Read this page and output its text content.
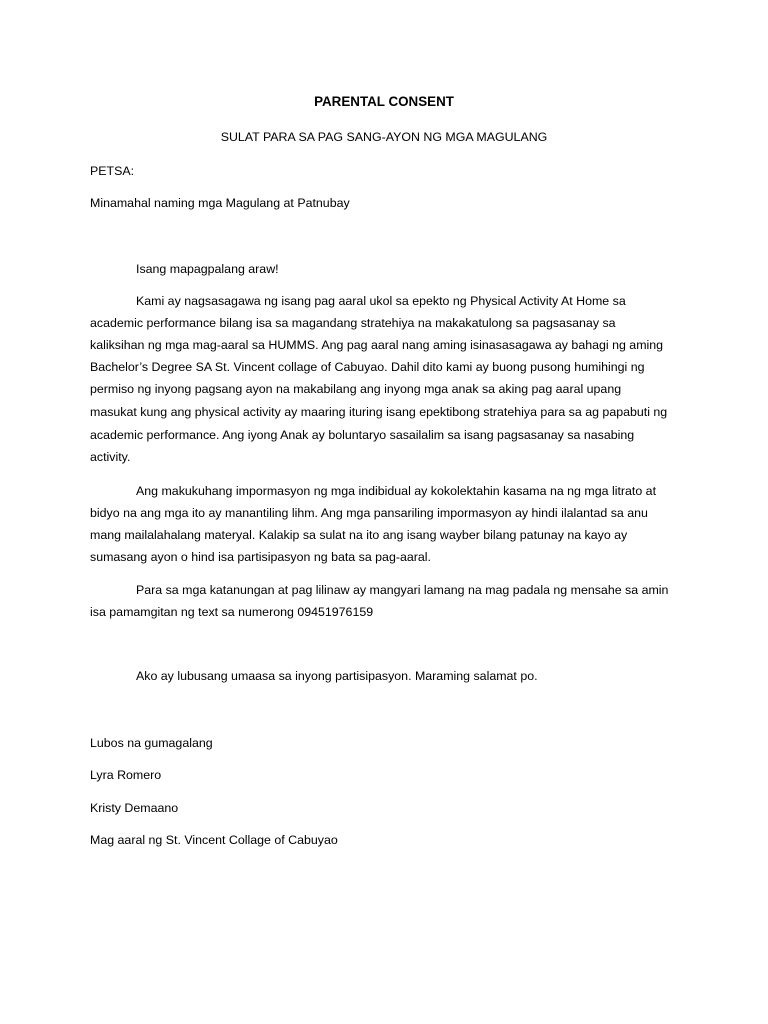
PARENTAL CONSENT
SULAT PARA SA PAG SANG-AYON NG MGA MAGULANG
PETSA:
Minamahal naming mga Magulang at Patnubay
Isang mapagpalang araw!
Kami ay nagsasagawa ng isang pag aaral ukol sa epekto ng Physical Activity At Home sa
academic performance bilang isa sa magandang stratehiya na makakatulong sa pagsasanay sa
kaliksihan ng mga mag-aaral sa HUMMS. Ang pag aaral nang aming isinasasagawa ay bahagi ng aming
Bachelor’s Degree SA St. Vincent collage of Cabuyao. Dahil dito kami ay buong pusong humihingi ng
permiso ng inyong pagsang ayon na makabilang ang inyong mga anak sa aking pag aaral upang
masukat kung ang physical activity ay maaring ituring isang epektibong stratehiya para sa ag papabuti ng
academic performance. Ang iyong Anak ay boluntaryo sasailalim sa isang pagsasanay sa nasabing
activity.
Ang makukuhang impormasyon ng mga indibidual ay kokolektahin kasama na ng mga litrato at
bidyo na ang mga ito ay manantiling lihm. Ang mga pansariling impormasyon ay hindi ilalantad sa anu
mang mailalahalang materyal. Kalakip sa sulat na ito ang isang wayber bilang patunay na kayo ay
sumasang ayon o hind isa partisipasyon ng bata sa pag-aaral.
Para sa mga katanungan at pag lilinaw ay mangyari lamang na mag padala ng mensahe sa amin
isa pamamgitan ng text sa numerong 09451976159
Ako ay lubusang umaasa sa inyong partisipasyon. Maraming salamat po.
Lubos na gumagalang
Lyra Romero
Kristy Demaano
Mag aaral ng St. Vincent Collage of Cabuyao
